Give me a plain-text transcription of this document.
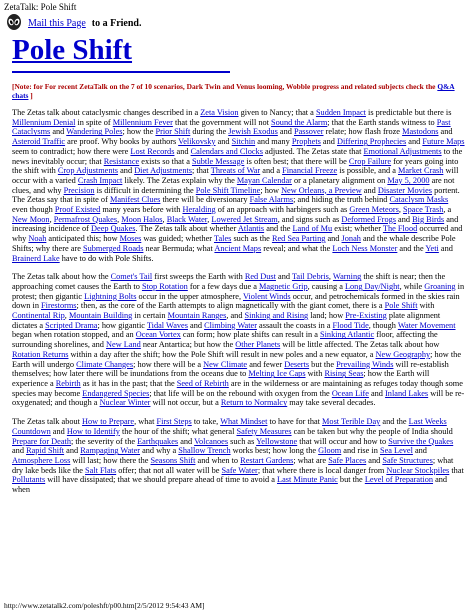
ZetaTalk: Pole Shift
Mail this Page to a Friend.
Pole Shift
[Note: for For recent ZetaTalk on the 7 of 10 scenarios, Dark Twin and Venus looming, Wobble progress and related subjects check the Q&A chats ]

The Zetas talk about cataclysmic changes described in a Zeta Vision given to Nancy; that a Sudden Impact is predictable but there is Millennium Denial in spite of Millennium Fever that the government will not Sound the Alarm; that the Earth stands witness to Past Cataclysms and Wandering Poles; how the Prior Shift during the Jewish Exodus and Passover relate; how flash froze Mastodons and Asteroid Traffic are proof. Why books by authors Velikovsky and Sitchin and many Prophets and Differing Prophecies and Future Maps seem to contradict; how there were Lost Records and Calendars and Clocks adjusted. The Zetas state that Emotional Adjustments to the news inevitably occur; that Resistance exists so that a Subtle Message is often best; that there will be Crop Failure for years going into the shift with Crop Adjustments and Diet Adjustments; that Threats of War and a Financial Freeze is possible, and a Market Crash will occur with a varied Crash Impact likely. The Zetas explain why the Mayan Calendar or a planetary alignment on May 5, 2000 are not clues, and why Precision is difficult in determining the Pole Shift Timeline; how New Orleans, a Preview and Disaster Movies portent. The Zetas say that in spite of Manifest Clues there will be diversionary False Alarms; and hiding the truth behind Cataclysm Masks even though Proof Existed many years before with Heralding of an approach with harbingers such as Green Meteors, Space Trash, a New Moon, Permafrost Quakes, Moon Halos, Black Water, Lowered Jet Stream, and signs such as Deformed Frogs and Big Birds and increasing incidence of Deep Quakes. The Zetas talk about whether Atlantis and the Land of Mu exist; whether The Flood occurred and why Noah anticipated this; how Moses was guided; whether Tales such as the Red Sea Parting and Jonah and the whale describe Pole Shifts; why there are Submerged Roads near Bermuda; what Ancient Maps reveal; and what the Loch Ness Monster and the Yeti and Brainerd Lake have to do with Pole Shifts.

The Zetas talk about how the Comet's Tail first sweeps the Earth with Red Dust and Tail Debris, Warning the shift is near; then the approaching comet causes the Earth to Stop Rotation for a few days due a Magnetic Grip, causing a Long Day/Night, while Groaning in protest; then gigantic Lightning Bolts occur in the upper atmosphere, Violent Winds occur, and petrochemicals formed in the skies rain down in Firestorms; then, as the core of the Earth attempts to align magnetically with the giant comet, there is a Pole Shift with Continental Rip, Mountain Building in certain Mountain Ranges, and Sinking and Rising land; how Pre-Existing plate alignment dictates a Scripted Drama; how gigantic Tidal Waves and Climbing Water assault the coasts in a Flood Tide, though Water Movement began when rotation stopped, and an Ocean Vortex can form; how plate shifts can result in a Sinking Atlantic floor, affecting the surrounding shorelines, and New Land near Antartica; but how the Other Planets will be little affected. The Zetas talk about how Rotation Returns within a day after the shift; how the Pole Shift will result in new poles and a new equator, a New Geography; how the Earth will undergo Climate Changes; how there will be a New Climate and fewer Deserts but the Prevailing Winds will re-establish themselves; how later there will be inundations from the oceans due to Melting Ice Caps with Rising Seas; how the Earth will experience a Rebirth as it has in the past; that the Seed of Rebirth are in the wilderness or are maintaining as refuges today though some species may become Endangered Species; that life will be on the rebound with oxygen from the Ocean Life and Inland Lakes will be re-oxygenated; and though a Nuclear Winter will not occur, but a Return to Normalcy may take several decades.

The Zetas talk about How to Prepare, what First Steps to take, What Mindset to have for that Most Terible Day and the Last Weeks Countdown and How to Identify the hour of the shift; what general Safety Measures can be taken but why the people of India should Prepare for Death; the severity of the Earthquakes and Volcanoes such as Yellowstone that will occur and how to Survive the Quakes and Rapid Shift and Rampaging Water and why a Shallow Trench works best; how long the Gloom and rise in Sea Level and Atmosphere Loss will last; how there the Seasons Shift and when to Restart Gardens; what are Safe Places and Safe Structures; what dry lake beds like the Salt Flats offer; that not all water will be Safe Water; that where there is local danger from Nuclear Stockpiles that Pollutants will have dissipated; that we should prepare ahead of time to avoid a Last Minute Panic but the Level of Preparation and when

http://www.zetatalk2.com/poleshft/p00.htm[2/5/2012 9:54:43 AM]
